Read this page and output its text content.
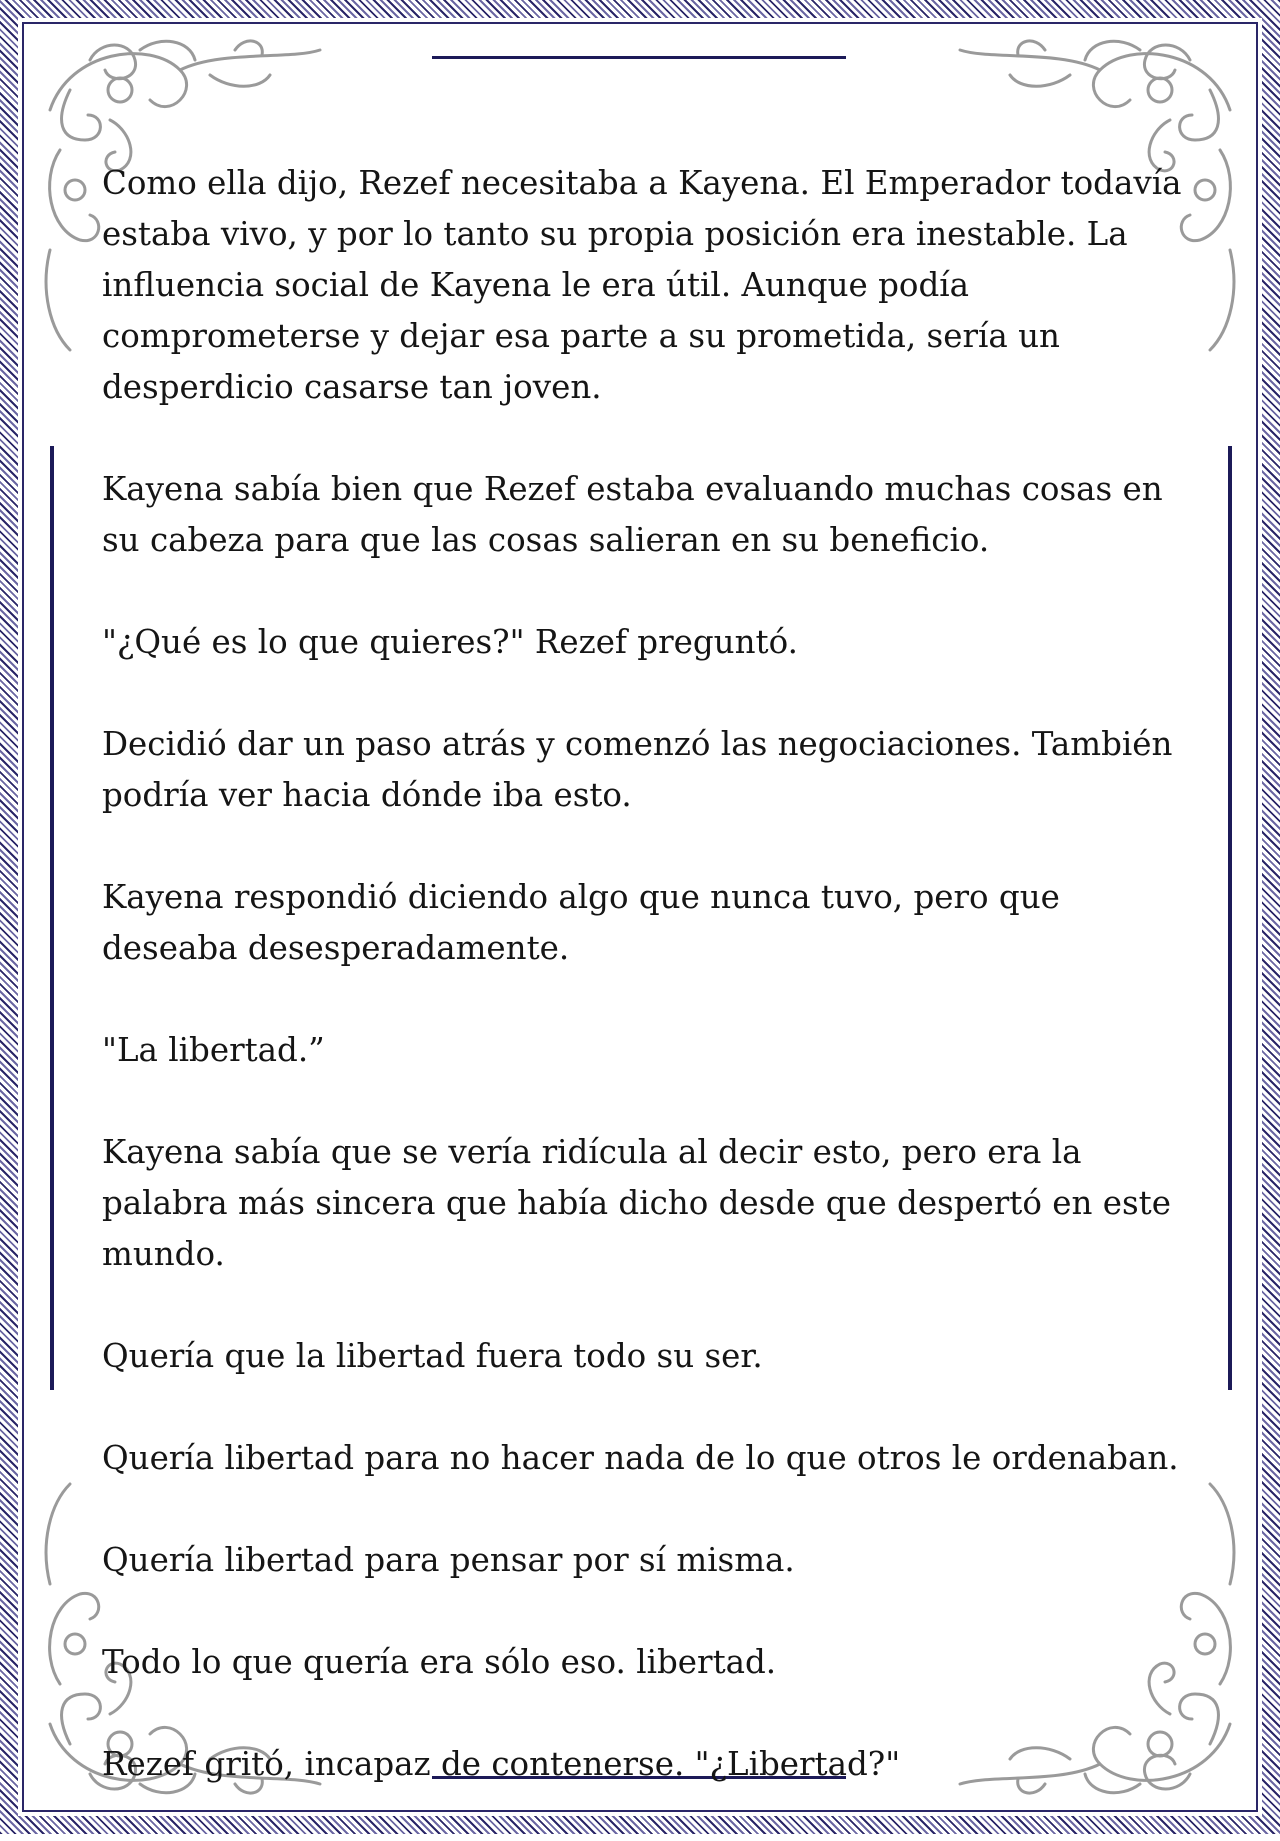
Como ella dijo, Rezef necesitaba a Kayena. El Emperador todavía estaba vivo, y por lo tanto su propia posición era inestable. La influencia social de Kayena le era útil. Aunque podía comprometerse y dejar esa parte a su prometida, sería un desperdicio casarse tan joven.

Kayena sabía bien que Rezef estaba evaluando muchas cosas en su cabeza para que las cosas salieran en su beneficio.

"¿Qué es lo que quieres?" Rezef preguntó.

Decidió dar un paso atrás y comenzó las negociaciones. También podría ver hacia dónde iba esto.

Kayena respondió diciendo algo que nunca tuvo, pero que deseaba desesperadamente.

"La libertad.”

Kayena sabía que se vería ridícula al decir esto, pero era la palabra más sincera que había dicho desde que despertó en este mundo.

Quería que la libertad fuera todo su ser.

Quería libertad para no hacer nada de lo que otros le ordenaban.

Quería libertad para pensar por sí misma.

Todo lo que quería era sólo eso. libertad.

Rezef gritó, incapaz de contenerse. "¿Libertad?"
